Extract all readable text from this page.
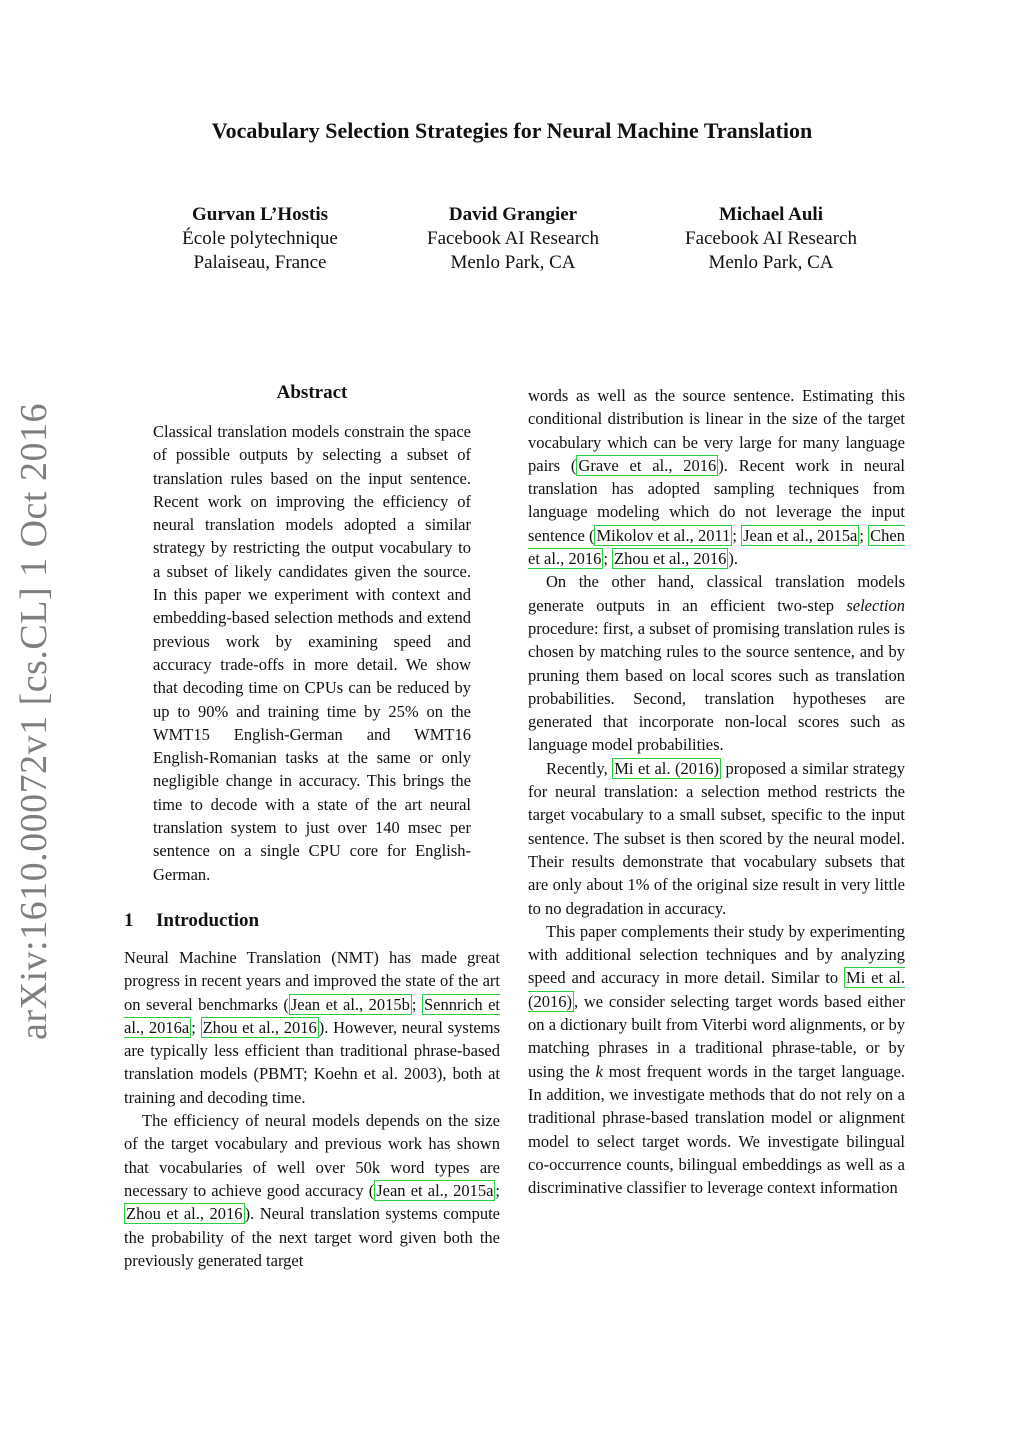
arXiv:1610.00072v1 [cs.CL] 1 Oct 2016
Vocabulary Selection Strategies for Neural Machine Translation
Gurvan L’Hostis
École polytechnique
Palaiseau, France
David Grangier
Facebook AI Research
Menlo Park, CA
Michael Auli
Facebook AI Research
Menlo Park, CA
Abstract
Classical translation models constrain the space of possible outputs by selecting a subset of translation rules based on the input sentence. Recent work on improving the efficiency of neural translation models adopted a similar strategy by restricting the output vocabulary to a subset of likely candidates given the source. In this paper we experiment with context and embedding-based selection methods and extend previous work by examining speed and accuracy trade-offs in more detail. We show that decoding time on CPUs can be reduced by up to 90% and training time by 25% on the WMT15 English-German and WMT16 English-Romanian tasks at the same or only negligible change in accuracy. This brings the time to decode with a state of the art neural translation system to just over 140 msec per sentence on a single CPU core for English-German.
1 Introduction

Neural Machine Translation (NMT) has made great progress in recent years and improved the state of the art on several benchmarks ( Jean et al., 2015b ; Sennrich et al., 2016a ; Zhou et al., 2016 ). However, neural systems are typically less efficient than traditional phrase-based translation models (PBMT; Koehn et al. 2003), both at training and decoding time.

The efficiency of neural models depends on the size of the target vocabulary and previous work has shown that vocabularies of well over 50k word types are necessary to achieve good accuracy ( Jean et al., 2015a ; Zhou et al., 2016 ). Neural translation systems compute the probability of the next target word given both the previously generated target

words as well as the source sentence. Estimating this conditional distribution is linear in the size of the target vocabulary which can be very large for many language pairs ( Grave et al., 2016 ). Recent work in neural translation has adopted sampling techniques from language modeling which do not leverage the input sentence ( Mikolov et al., 2011 ; Jean et al., 2015a ; Chen et al., 2016 ; Zhou et al., 2016 ).

On the other hand, classical translation models generate outputs in an efficient two-step selection procedure: first, a subset of promising translation rules is chosen by matching rules to the source sentence, and by pruning them based on local scores such as translation probabilities. Second, translation hypotheses are generated that incorporate non-local scores such as language model probabilities.

Recently, Mi et al. (2016) proposed a similar strategy for neural translation: a selection method restricts the target vocabulary to a small subset, specific to the input sentence. The subset is then scored by the neural model. Their results demonstrate that vocabulary subsets that are only about 1% of the original size result in very little to no degradation in accuracy.

This paper complements their study by experimenting with additional selection techniques and by analyzing speed and accuracy in more detail. Similar to Mi et al. (2016) , we consider selecting target words based either on a dictionary built from Viterbi word alignments, or by matching phrases in a traditional phrase-table, or by using the k most frequent words in the target language. In addition, we investigate methods that do not rely on a traditional phrase-based translation model or alignment model to select target words. We investigate bilingual co-occurrence counts, bilingual embeddings as well as a discriminative classifier to leverage context information
